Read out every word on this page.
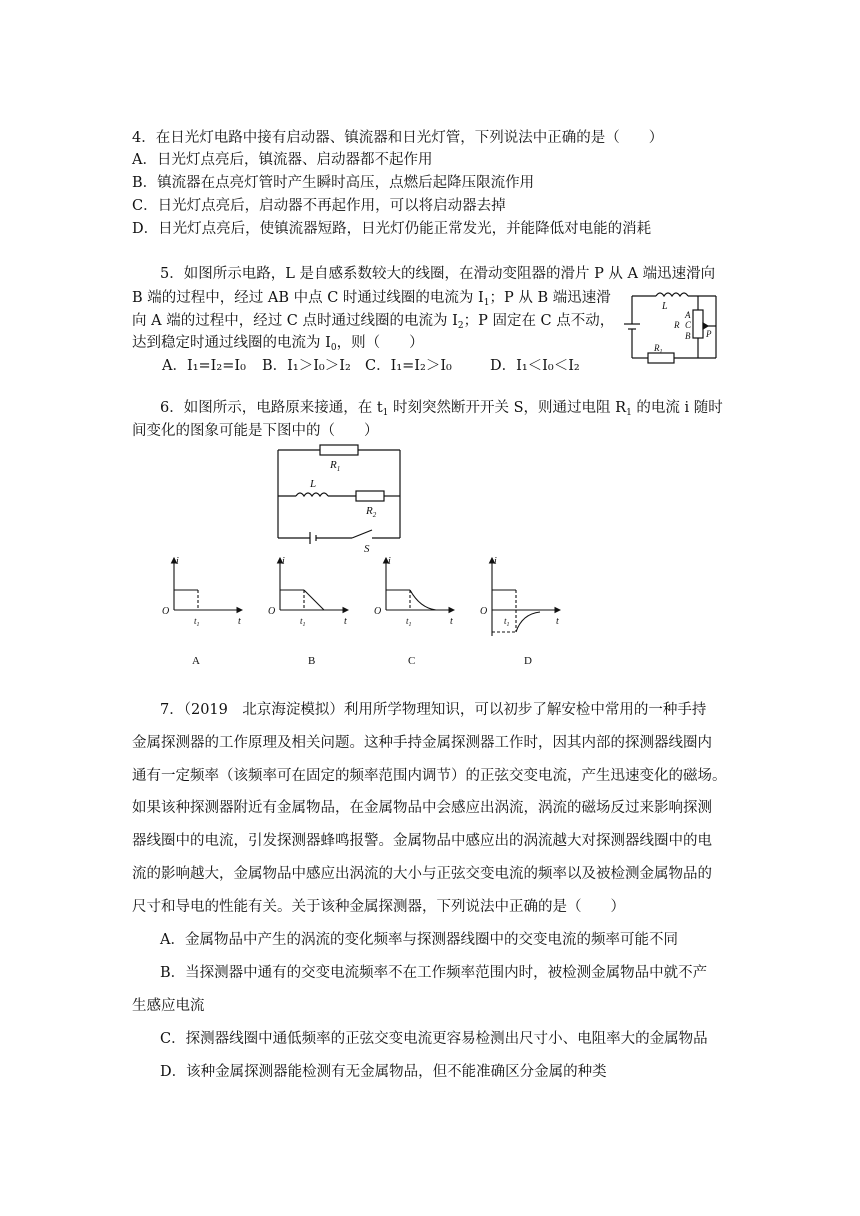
4．在日光灯电路中接有启动器、镇流器和日光灯管，下列说法中正确的是（　　）
A．日光灯点亮后，镇流器、启动器都不起作用
B．镇流器在点亮灯管时产生瞬时高压，点燃后起降压限流作用
C．日光灯点亮后，启动器不再起作用，可以将启动器去掉
D．日光灯点亮后，使镇流器短路，日光灯仍能正常发光，并能降低对电能的消耗
5．如图所示电路，L 是自感系数较大的线圈，在滑动变阻器的滑片 P 从 A 端迅速滑向
B 端的过程中，经过 AB 中点 C 时通过线圈的电流为 $I_1$；P 从 B 端迅速滑
向 A 端的过程中，经过 C 点时通过线圈的电流为 $I_2$；P 固定在 C 点不动，
达到稳定时通过线圈的电流为 $I_0$，则（　　）
A．I₁=I₂=I₀ B．I₁＞I₀＞I₂ C．I₁=I₂＞I₀	D．I₁＜I₀＜I₂
L
A
C
B
R
P
$R_1$
6．如图所示，电路原来接通，在 $t_1$ 时刻突然断开开关 S，则通过电阻 $R_1$ 的电流 i 随时
间变化的图象可能是下图中的（　　）
$R_1$
L
$R_2$
S
i
t
O
$t_1$
A
i
t
O
$t_1$
B
i
t
O
$t_1$
C
i
t
O
$t_1$
D
7．（2019　北京海淀模拟）利用所学物理知识，可以初步了解安检中常用的一种手持
金属探测器的工作原理及相关问题。这种手持金属探测器工作时，因其内部的探测器线圈内
通有一定频率（该频率可在固定的频率范围内调节）的正弦交变电流，产生迅速变化的磁场。
如果该种探测器附近有金属物品，在金属物品中会感应出涡流，涡流的磁场反过来影响探测
器线圈中的电流，引发探测器蜂鸣报警。金属物品中感应出的涡流越大对探测器线圈中的电
流的影响越大，金属物品中感应出涡流的大小与正弦交变电流的频率以及被检测金属物品的
尺寸和导电的性能有关。关于该种金属探测器，下列说法中正确的是（　　）
A．金属物品中产生的涡流的变化频率与探测器线圈中的交变电流的频率可能不同
B．当探测器中通有的交变电流频率不在工作频率范围内时，被检测金属物品中就不产
生感应电流
C．探测器线圈中通低频率的正弦交变电流更容易检测出尺寸小、电阻率大的金属物品
D．该种金属探测器能检测有无金属物品，但不能准确区分金属的种类
